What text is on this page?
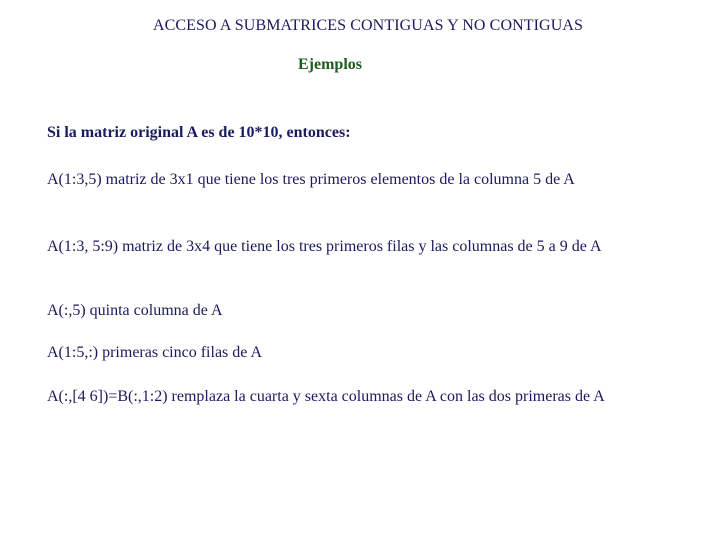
ACCESO A SUBMATRICES CONTIGUAS Y NO CONTIGUAS
Ejemplos
Si la matriz original A es de 10*10, entonces:
A(1:3,5) matriz de 3x1 que tiene los tres primeros elementos de la columna 5 de A
A(1:3, 5:9) matriz de 3x4 que tiene los tres primeros filas y las columnas de 5 a 9 de A
A(:,5) quinta columna de A
A(1:5,:) primeras cinco filas de A
A(:,[4 6])=B(:,1:2) remplaza la cuarta y sexta columnas de A con las dos primeras de A
